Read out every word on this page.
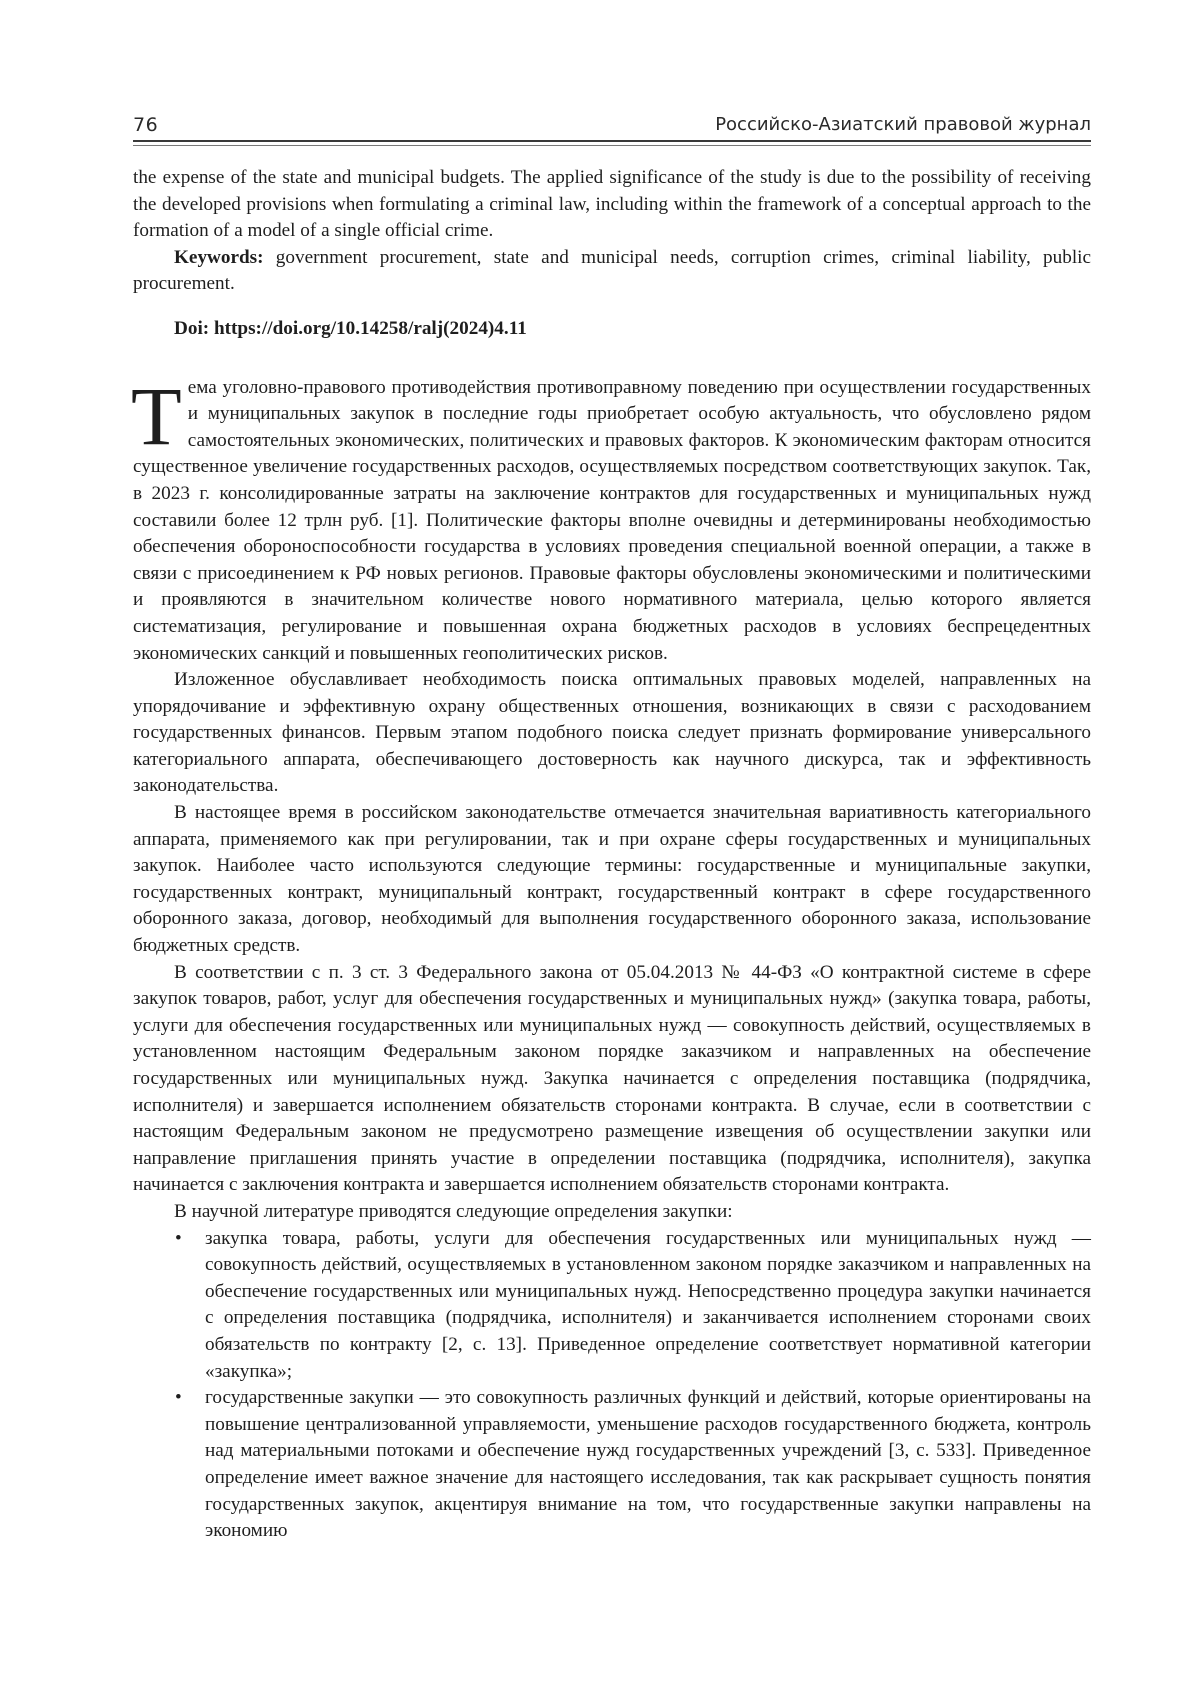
76	Российско-Азиатский правовой журнал

the expense of the state and municipal budgets. The applied significance of the study is due to the possibility of receiving the developed provisions when formulating a criminal law, including within the framework of a conceptual approach to the formation of a model of a single official crime.

Keywords: government procurement, state and municipal needs, corruption crimes, criminal liability, public procurement.

Doi: https://doi.org/10.14258/ralj(2024)4.11

Тема уголовно-правового противодействия противоправному поведению при осуществлении государственных и муниципальных закупок в последние годы приобретает особую актуальность, что обусловлено рядом самостоятельных экономических, политических и правовых факторов. К экономическим факторам относится существенное увеличение государственных расходов, осуществляемых посредством соответствующих закупок. Так, в 2023 г. консолидированные затраты на заключение контрактов для государственных и муниципальных нужд составили более 12 трлн руб. [1]. Политические факторы вполне очевидны и детерминированы необходимостью обеспечения обороноспособности государства в условиях проведения специальной военной операции, а также в связи с присоединением к РФ новых регионов. Правовые факторы обусловлены экономическими и политическими и проявляются в значительном количестве нового нормативного материала, целью которого является систематизация, регулирование и повышенная охрана бюджетных расходов в условиях беспрецедентных экономических санкций и повышенных геополитических рисков.

Изложенное обуславливает необходимость поиска оптимальных правовых моделей, направленных на упорядочивание и эффективную охрану общественных отношения, возникающих в связи с расходованием государственных финансов. Первым этапом подобного поиска следует признать формирование универсального категориального аппарата, обеспечивающего достоверность как научного дискурса, так и эффективность законодательства.

В настоящее время в российском законодательстве отмечается значительная вариативность категориального аппарата, применяемого как при регулировании, так и при охране сферы государственных и муниципальных закупок. Наиболее часто используются следующие термины: государственные и муниципальные закупки, государственных контракт, муниципальный контракт, государственный контракт в сфере государственного оборонного заказа, договор, необходимый для выполнения государственного оборонного заказа, использование бюджетных средств.

В соответствии с п. 3 ст. 3 Федерального закона от 05.04.2013 № 44-ФЗ «О контрактной системе в сфере закупок товаров, работ, услуг для обеспечения государственных и муниципальных нужд» (закупка товара, работы, услуги для обеспечения государственных или муниципальных нужд — совокупность действий, осуществляемых в установленном настоящим Федеральным законом порядке заказчиком и направленных на обеспечение государственных или муниципальных нужд. Закупка начинается с определения поставщика (подрядчика, исполнителя) и завершается исполнением обязательств сторонами контракта. В случае, если в соответствии с настоящим Федеральным законом не предусмотрено размещение извещения об осуществлении закупки или направление приглашения принять участие в определении поставщика (подрядчика, исполнителя), закупка начинается с заключения контракта и завершается исполнением обязательств сторонами контракта.

В научной литературе приводятся следующие определения закупки:

• закупка товара, работы, услуги для обеспечения государственных или муниципальных нужд — совокупность действий, осуществляемых в установленном законом порядке заказчиком и направленных на обеспечение государственных или муниципальных нужд. Непосредственно процедура закупки начинается с определения поставщика (подрядчика, исполнителя) и заканчивается исполнением сторонами своих обязательств по контракту [2, с. 13]. Приведенное определение соответствует нормативной категории «закупка»;
• государственные закупки — это совокупность различных функций и действий, которые ориентированы на повышение централизованной управляемости, уменьшение расходов государственного бюджета, контроль над материальными потоками и обеспечение нужд государственных учреждений [3, с. 533]. Приведенное определение имеет важное значение для настоящего исследования, так как раскрывает сущность понятия государственных закупок, акцентируя внимание на том, что государственные закупки направлены на экономию
